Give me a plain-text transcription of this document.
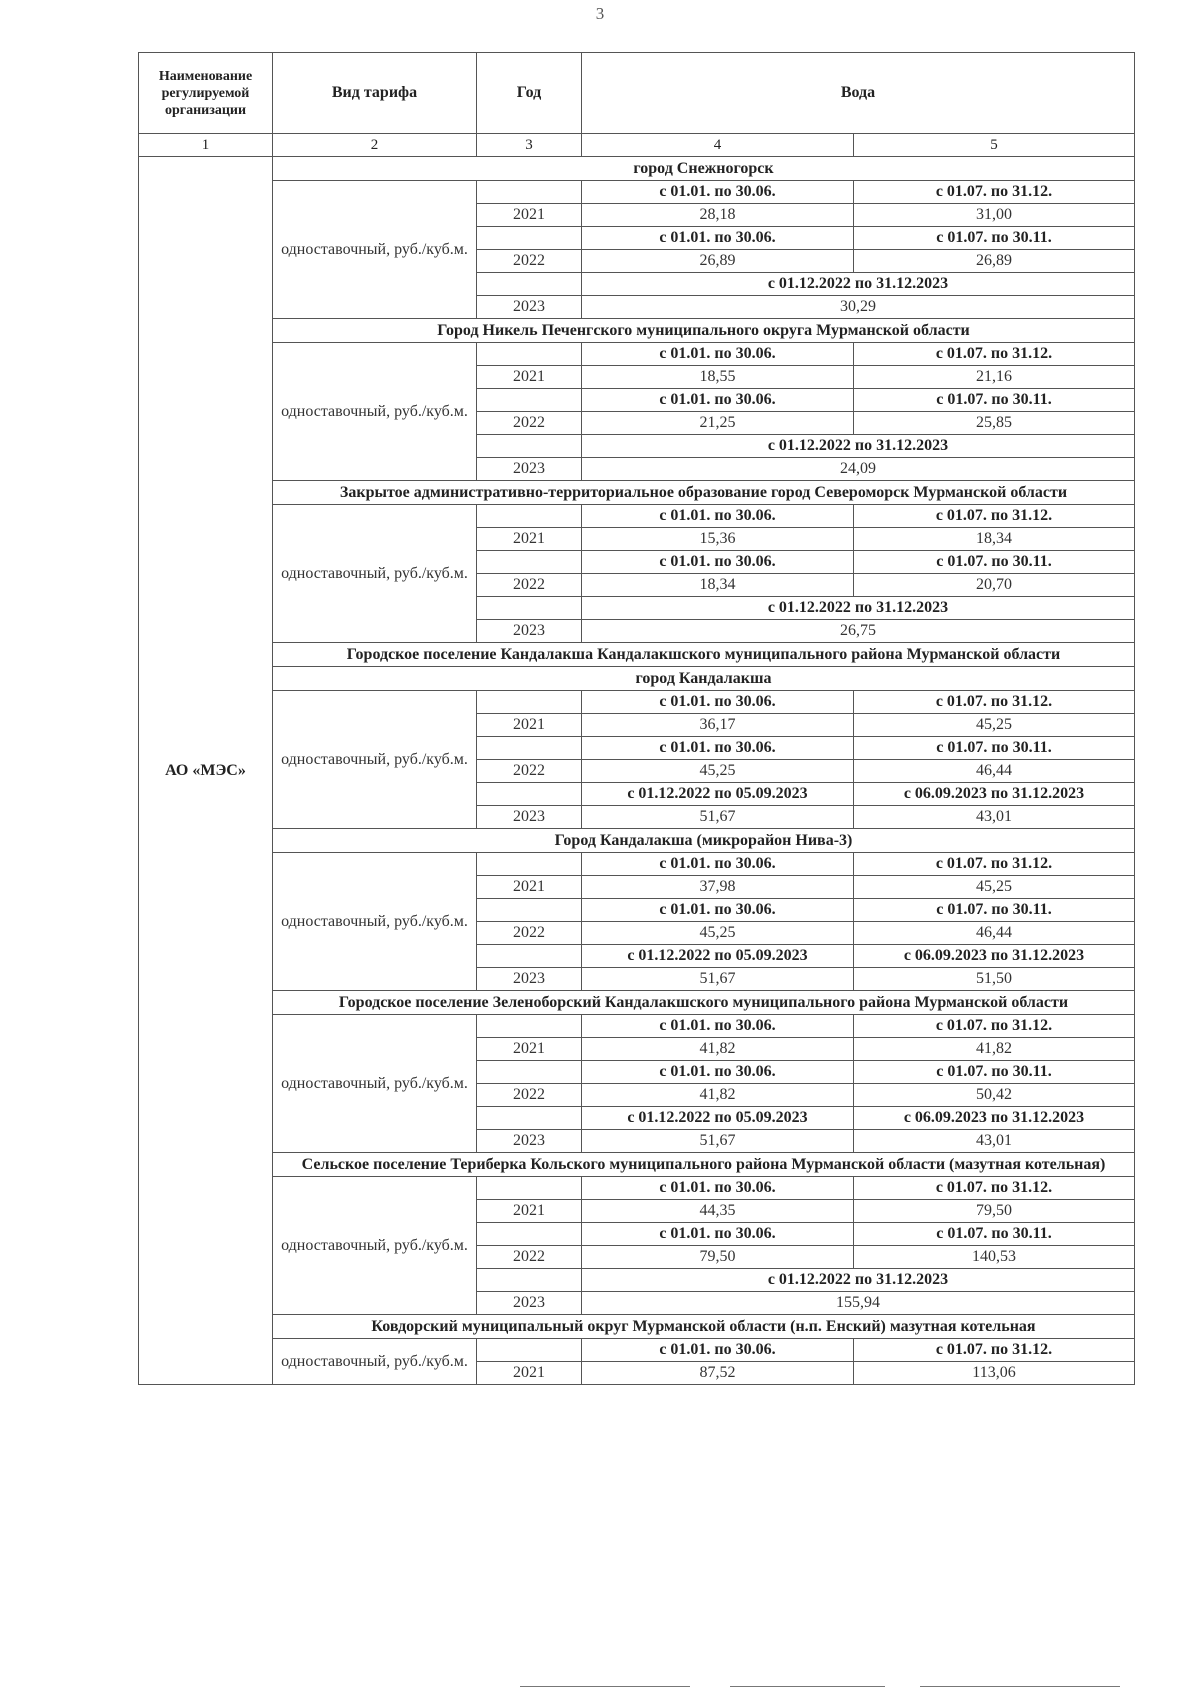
3
Наименование регулируемой организации	Вид тарифа	Год	Вода	
1	2	3	4	5
АО «МЭС»	город Снежногорск			
	одноставочный, руб./куб.м.		с 01.01. по 30.06.	с 01.07. по 31.12.
		2021	28,18	31,00
			с 01.01. по 30.06.	с 01.07. по 30.11.
		2022	26,89	26,89
			с 01.12.2022 по 31.12.2023	
		2023	30,29	
	Город Никель Печенгского муниципального округа Мурманской области			
	одноставочный, руб./куб.м.		с 01.01. по 30.06.	с 01.07. по 31.12.
		2021	18,55	21,16
			с 01.01. по 30.06.	с 01.07. по 30.11.
		2022	21,25	25,85
			с 01.12.2022 по 31.12.2023	
		2023	24,09	
	Закрытое административно-территориальное образование город Североморск Мурманской области			
	одноставочный, руб./куб.м.		с 01.01. по 30.06.	с 01.07. по 31.12.
		2021	15,36	18,34
			с 01.01. по 30.06.	с 01.07. по 30.11.
		2022	18,34	20,70
			с 01.12.2022 по 31.12.2023	
		2023	26,75	
	Городское поселение Кандалакша Кандалакшского муниципального района Мурманской области			
	город Кандалакша			
	одноставочный, руб./куб.м.		с 01.01. по 30.06.	с 01.07. по 31.12.
		2021	36,17	45,25
			с 01.01. по 30.06.	с 01.07. по 30.11.
		2022	45,25	46,44
			с 01.12.2022 по 05.09.2023	с 06.09.2023 по 31.12.2023
		2023	51,67	43,01
	Город Кандалакша (микрорайон Нива-3)			
	одноставочный, руб./куб.м.		с 01.01. по 30.06.	с 01.07. по 31.12.
		2021	37,98	45,25
			с 01.01. по 30.06.	с 01.07. по 30.11.
		2022	45,25	46,44
			с 01.12.2022 по 05.09.2023	с 06.09.2023 по 31.12.2023
		2023	51,67	51,50
	Городское поселение Зеленоборский Кандалакшского муниципального района Мурманской области			
	одноставочный, руб./куб.м.		с 01.01. по 30.06.	с 01.07. по 31.12.
		2021	41,82	41,82
			с 01.01. по 30.06.	с 01.07. по 30.11.
		2022	41,82	50,42
			с 01.12.2022 по 05.09.2023	с 06.09.2023 по 31.12.2023
		2023	51,67	43,01
	Сельское поселение Териберка Кольского муниципального района Мурманской области (мазутная котельная)			
	одноставочный, руб./куб.м.		с 01.01. по 30.06.	с 01.07. по 31.12.
		2021	44,35	79,50
			с 01.01. по 30.06.	с 01.07. по 30.11.
		2022	79,50	140,53
			с 01.12.2022 по 31.12.2023	
		2023	155,94	
	Ковдорский муниципальный округ Мурманской области (н.п. Енский) мазутная котельная			
	одноставочный, руб./куб.м.		с 01.01. по 30.06.	с 01.07. по 31.12.
		2021	87,52	113,06
